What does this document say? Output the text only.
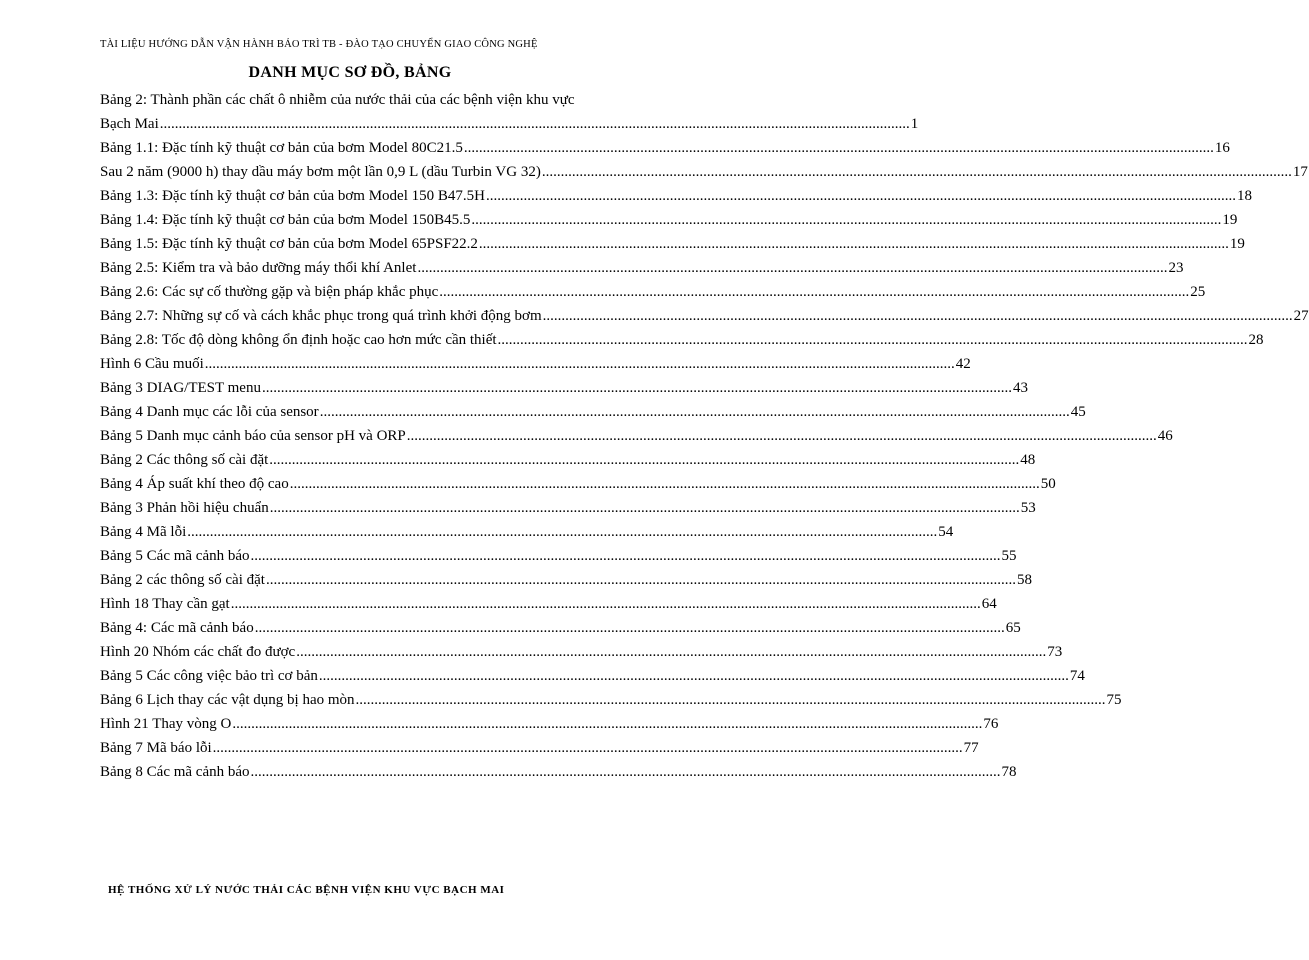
TÀI LIỆU HƯỚNG DẪN VẬN HÀNH BẢO TRÌ TB - ĐÀO TẠO CHUYỂN GIAO CÔNG NGHỆ
DANH MỤC SƠ ĐỒ, BẢNG
Bảng 2: Thành phần các chất ô nhiễm của nước thải của các bệnh viện khu vực
Bạch Mai ........................................................................................................................................................................................................ 1
Bảng 1.1: Đặc tính kỹ thuật cơ bản của bơm Model 80C21.5 ........................................................................................................................................................................................................ 16
Sau 2 năm (9000 h) thay dầu máy bơm một lần 0,9 L (dầu Turbin VG 32) ........................................................................................................................................................................................................ 17
Bảng 1.3: Đặc tính kỹ thuật cơ bản của bơm Model 150 B47.5H ........................................................................................................................................................................................................ 18
Bảng 1.4: Đặc tính kỹ thuật cơ bản của bơm Model 150B45.5 ........................................................................................................................................................................................................ 19
Bảng 1.5: Đặc tính kỹ thuật cơ bản của bơm Model 65PSF22.2 ........................................................................................................................................................................................................ 19
Bảng 2.5: Kiểm tra và bảo dưỡng máy thổi khí Anlet ........................................................................................................................................................................................................ 23
Bảng 2.6: Các sự cố thường gặp và biện pháp khắc phục ........................................................................................................................................................................................................ 25
Bảng 2.7: Những sự cố và cách khắc phục trong quá trình khởi động bơm ........................................................................................................................................................................................................ 27
Bảng 2.8: Tốc độ dòng không ổn định hoặc cao hơn mức cần thiết ........................................................................................................................................................................................................ 28
Hình 6 Cầu muối ........................................................................................................................................................................................................ 42
Bảng 3 DIAG/TEST menu ........................................................................................................................................................................................................ 43
Bảng 4 Danh mục các lỗi của sensor ........................................................................................................................................................................................................ 45
Bảng 5 Danh mục cảnh báo của sensor pH và ORP ........................................................................................................................................................................................................ 46
Bảng 2 Các thông số cài đặt ........................................................................................................................................................................................................ 48
Bảng 4 Áp suất khí theo độ cao ........................................................................................................................................................................................................ 50
Bảng 3 Phản hồi hiệu chuẩn ........................................................................................................................................................................................................ 53
Bảng 4 Mã lỗi ........................................................................................................................................................................................................ 54
Bảng 5 Các mã cảnh báo ........................................................................................................................................................................................................ 55
Bảng 2 các thông số cài đặt ........................................................................................................................................................................................................ 58
Hình 18 Thay cần gạt ........................................................................................................................................................................................................ 64
Bảng 4: Các mã cảnh báo ........................................................................................................................................................................................................ 65
Hình 20 Nhóm các chất đo được ........................................................................................................................................................................................................ 73
Bảng 5 Các công việc bảo trì cơ bản ........................................................................................................................................................................................................ 74
Bảng 6 Lịch thay các vật dụng bị hao mòn ........................................................................................................................................................................................................ 75
Hình 21 Thay vòng O ........................................................................................................................................................................................................ 76
Bảng 7 Mã báo lỗi ........................................................................................................................................................................................................ 77
Bảng 8 Các mã cảnh báo ........................................................................................................................................................................................................ 78
HỆ THỐNG XỬ LÝ NƯỚC THẢI CÁC BỆNH VIỆN KHU VỰC BẠCH MAI
